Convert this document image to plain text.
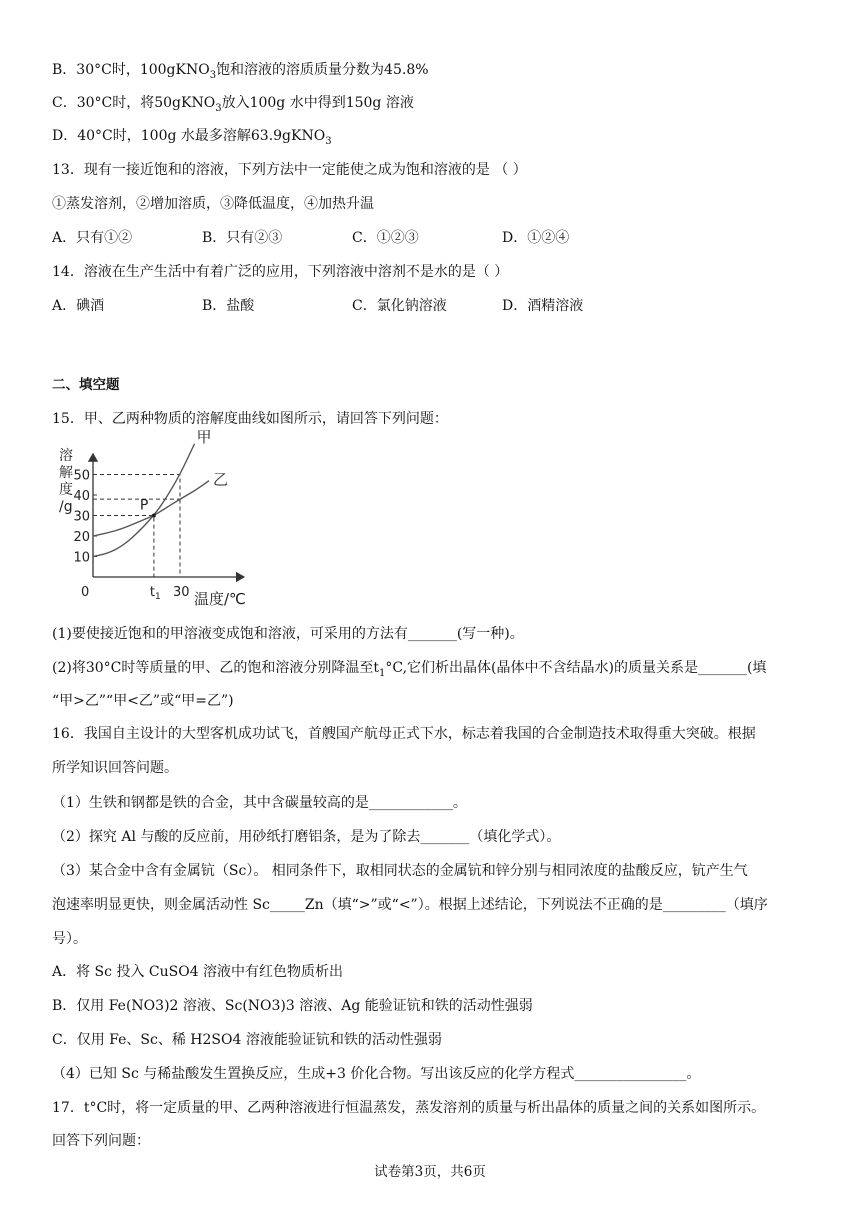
B．30°C时，100gKNO$_3$饱和溶液的溶质质量分数为45.8%
C．30°C时，将50gKNO$_3$放入100g 水中得到150g 溶液
D．40°C时，100g 水最多溶解63.9gKNO$_3$
13．现有一接近饱和的溶液，下列方法中一定能使之成为饱和溶液的是 （ ）
①蒸发溶剂，②增加溶质，③降低温度，④加热升温
A．只有①②	B．只有②③	C．①②③	D．①②④
14．溶液在生产生活中有着广泛的应用，下列溶液中溶剂不是水的是（ ）
A．碘酒	B．盐酸	C．氯化钠溶液	D．酒精溶液
二、填空题
15．甲、乙两种物质的溶解度曲线如图所示，请回答下列问题：
溶
解
度
/g
10
20
30
40
50
$t_1$ 30
0
甲
乙
P
温度/℃
(1)要使接近饱和的甲溶液变成饱和溶液，可采用的方法有_______(写一种)。
(2)将30°C时等质量的甲、乙的饱和溶液分别降温至$t_1^\circ C$,它们析出晶体(晶体中不含结晶水)的质量关系是_______(填
“甲>乙”“甲<乙”或“甲=乙”)
16．我国自主设计的大型客机成功试飞，首艘国产航母正式下水，标志着我国的合金制造技术取得重大突破。根据
所学知识回答问题。
（1）生铁和钢都是铁的合金，其中含碳量较高的是____________。
（2）探究 Al 与酸的反应前，用砂纸打磨铝条，是为了除去_______（填化学式）。
（3）某合金中含有金属钪（Sc）。 相同条件下，取相同状态的金属钪和锌分别与相同浓度的盐酸反应，钪产生气
泡速率明显更快，则金属活动性 Sc_____Zn（填“>”或“<”）。根据上述结论，下列说法不正确的是_________（填序
号）。
A．将 Sc 投入 CuSO4 溶液中有红色物质析出
B．仅用 Fe(NO3)2 溶液、Sc(NO3)3 溶液、Ag 能验证钪和铁的活动性强弱
C．仅用 Fe、Sc、稀 H2SO4 溶液能验证钪和铁的活动性强弱
（4）已知 Sc 与稀盐酸发生置换反应，生成+3 价化合物。写出该反应的化学方程式________________。
17．t°C时，将一定质量的甲、乙两种溶液进行恒温蒸发，蒸发溶剂的质量与析出晶体的质量之间的关系如图所示。
回答下列问题：
试卷第3页，共6页
